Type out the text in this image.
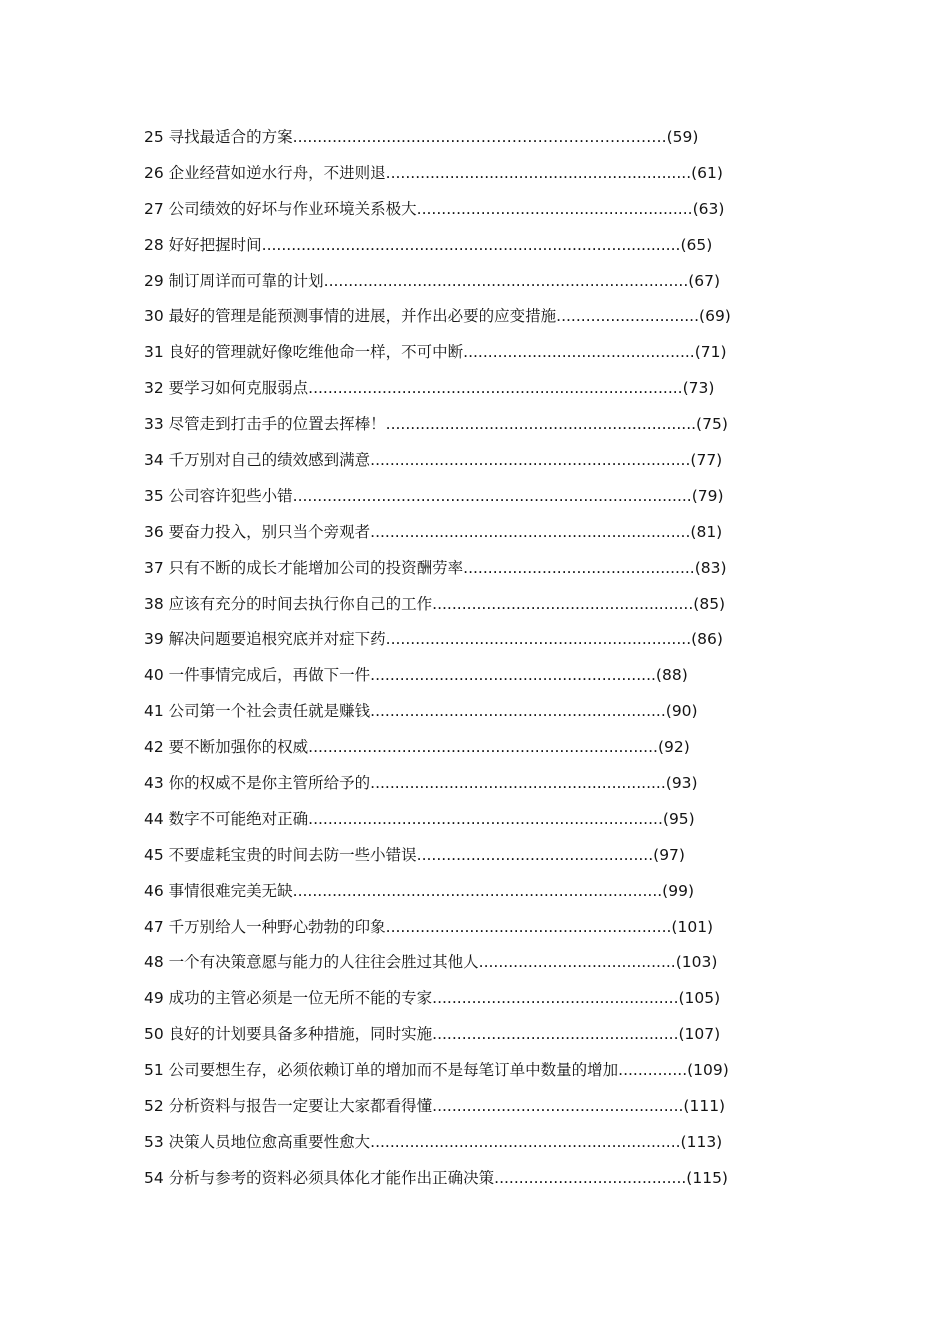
25 寻找最适合的方案..................................………………………………….(59)
26 企业经营如逆水行舟，不进则退..............................................................(61)
27 公司绩效的好坏与作业环境关系极大........................................................(63)
28 好好把握时间.....................................................................................(65)
29 制订周详而可靠的计划..........................................................................(67)
30 最好的管理是能预测事情的进展，并作出必要的应变措施.............................(69)
31 良好的管理就好像吃维他命一样，不可中断...............................................(71)
32 要学习如何克服弱点............................................................................(73)
33 尽管走到打击手的位置去挥棒！...............................................................(75)
34 千万别对自己的绩效感到满意.................................................................(77)
35 公司容许犯些小错.................................................................................(79)
36 要奋力投入，别只当个旁观者.................................................................(81)
37 只有不断的成长才能增加公司的投资酬劳率...............................................(83)
38 应该有充分的时间去执行你自己的工作.....................................................(85)
39 解决问题要追根究底并对症下药..............................................................(86)
40 一件事情完成后，再做下一件..........................................................(88)
41 公司第一个社会责任就是赚钱............................................................(90)
42 要不断加强你的权威.......................................................................(92)
43 你的权威不是你主管所给予的............................................................(93)
44 数字不可能绝对正确........................................................................(95)
45 不要虚耗宝贵的时间去防一些小错误................................................(97)
46 事情很难完美无缺...........................................................................(99)
47 千万别给人一种野心勃勃的印象..........................................................(101)
48 一个有决策意愿与能力的人往往会胜过其他人........................................(103)
49 成功的主管必须是一位无所不能的专家..................................................(105)
50 良好的计划要具备多种措施，同时实施..................................................(107)
51 公司要想生存，必须依赖订单的增加而不是每笔订单中数量的增加..............(109)
52 分析资料与报告一定要让大家都看得懂...................................................(111)
53 决策人员地位愈高重要性愈大...............................................................(113)
54 分析与参考的资料必须具体化才能作出正确决策.......................................(115)
